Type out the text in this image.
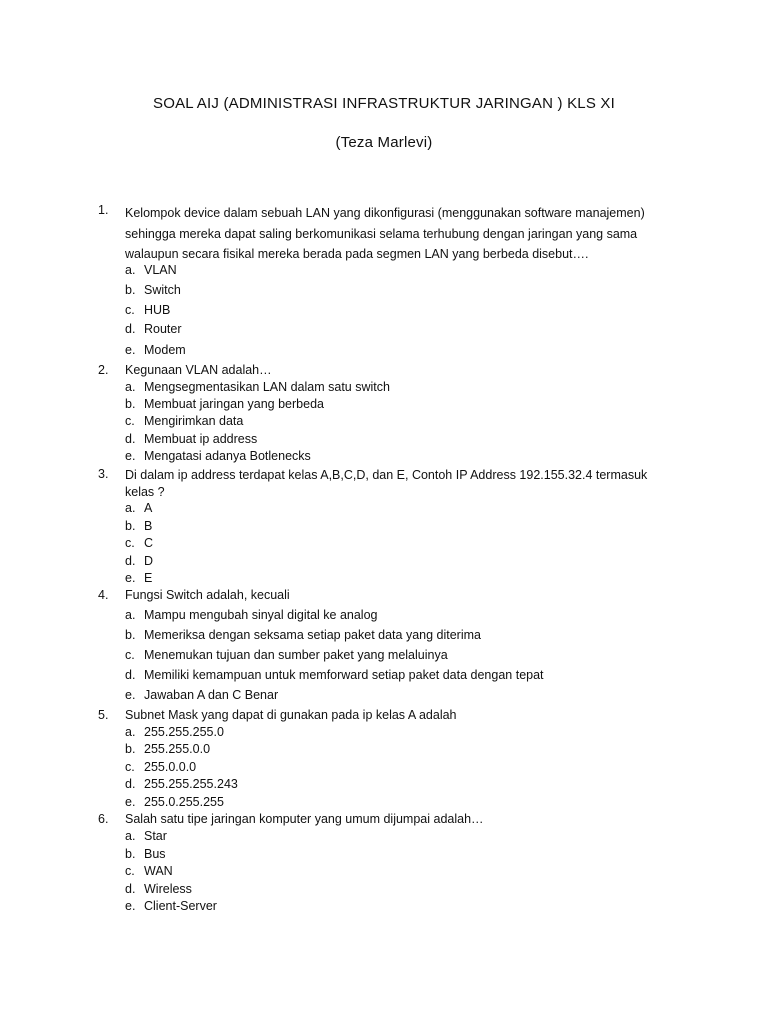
SOAL AIJ (ADMINISTRASI INFRASTRUKTUR JARINGAN ) KLS XI
(Teza Marlevi)
1. Kelompok device dalam sebuah LAN yang dikonfigurasi (menggunakan software manajemen) sehingga mereka dapat saling berkomunikasi selama terhubung dengan jaringan yang sama walaupun secara fisikal mereka berada pada segmen LAN yang berbeda disebut….
a. VLAN
b. Switch
c. HUB
d. Router
e. Modem
2. Kegunaan VLAN adalah…
a. Mengsegmentasikan LAN dalam satu switch
b. Membuat jaringan yang berbeda
c. Mengirimkan data
d. Membuat ip address
e. Mengatasi adanya Botlenecks
3. Di dalam ip address terdapat kelas A,B,C,D, dan E, Contoh IP Address 192.155.32.4 termasuk kelas ?
a. A
b. B
c. C
d. D
e. E
4. Fungsi Switch adalah, kecuali
a. Mampu mengubah sinyal digital ke analog
b. Memeriksa dengan seksama setiap paket data yang diterima
c. Menemukan tujuan dan sumber paket yang melaluinya
d. Memiliki kemampuan untuk memforward setiap paket data dengan tepat
e. Jawaban A dan C Benar
5. Subnet Mask yang dapat di gunakan pada ip kelas A adalah
a. 255.255.255.0
b. 255.255.0.0
c. 255.0.0.0
d. 255.255.255.243
e. 255.0.255.255
6. Salah satu tipe jaringan komputer yang umum dijumpai adalah…
a. Star
b. Bus
c. WAN
d. Wireless
e. Client-Server
